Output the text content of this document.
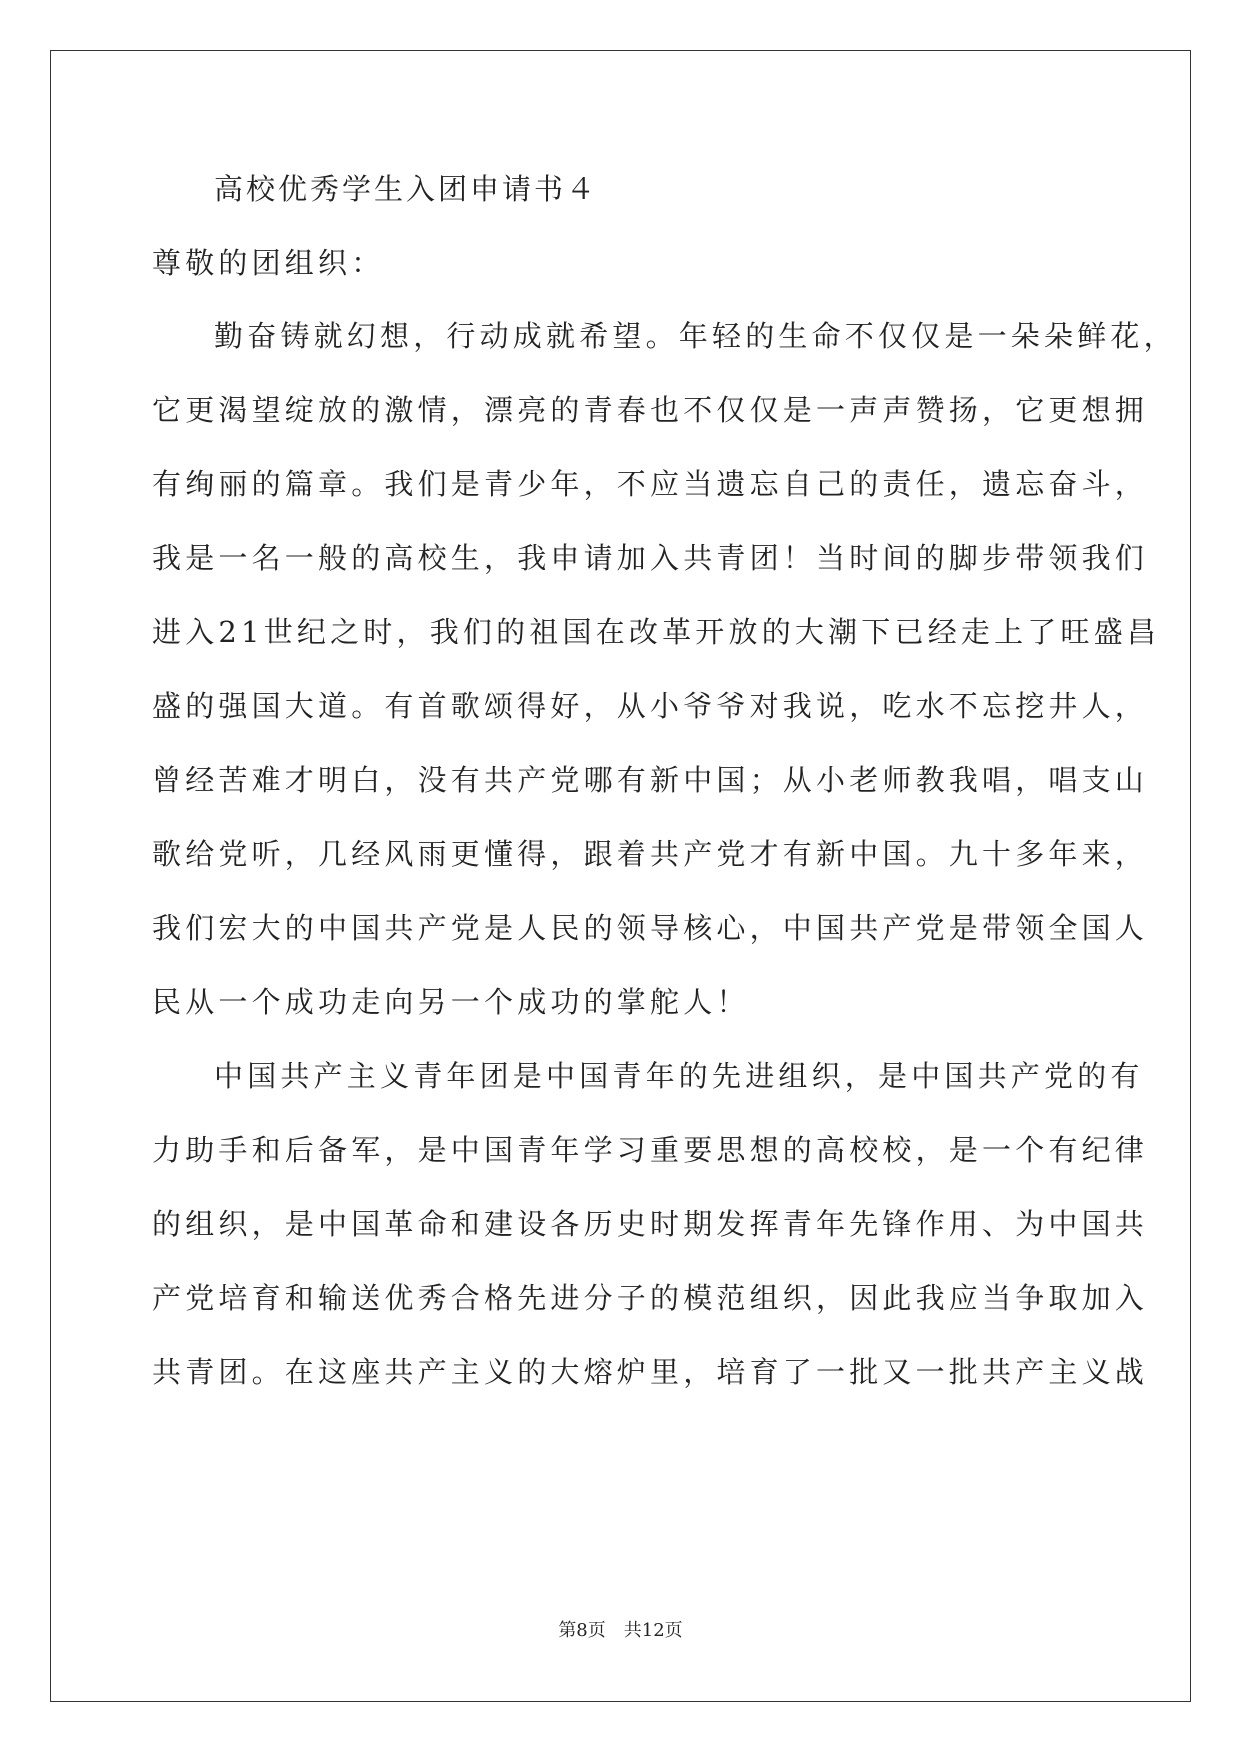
高校优秀学生入团申请书４
尊敬的团组织：
勤奋铸就幻想，行动成就希望。年轻的生命不仅仅是一朵朵鲜花，
它更渴望绽放的激情，漂亮的青春也不仅仅是一声声赞扬，它更想拥
有绚丽的篇章。我们是青少年，不应当遗忘自己的责任，遗忘奋斗，
我是一名一般的高校生，我申请加入共青团！当时间的脚步带领我们
进入21世纪之时，我们的祖国在改革开放的大潮下已经走上了旺盛昌
盛的强国大道。有首歌颂得好，从小爷爷对我说，吃水不忘挖井人，
曾经苦难才明白，没有共产党哪有新中国；从小老师教我唱，唱支山
歌给党听，几经风雨更懂得，跟着共产党才有新中国。九十多年来，
我们宏大的中国共产党是人民的领导核心，中国共产党是带领全国人
民从一个成功走向另一个成功的掌舵人！
中国共产主义青年团是中国青年的先进组织，是中国共产党的有
力助手和后备军，是中国青年学习重要思想的高校校，是一个有纪律
的组织，是中国革命和建设各历史时期发挥青年先锋作用、为中国共
产党培育和输送优秀合格先进分子的模范组织，因此我应当争取加入
共青团。在这座共产主义的大熔炉里，培育了一批又一批共产主义战
第8页　共12页
